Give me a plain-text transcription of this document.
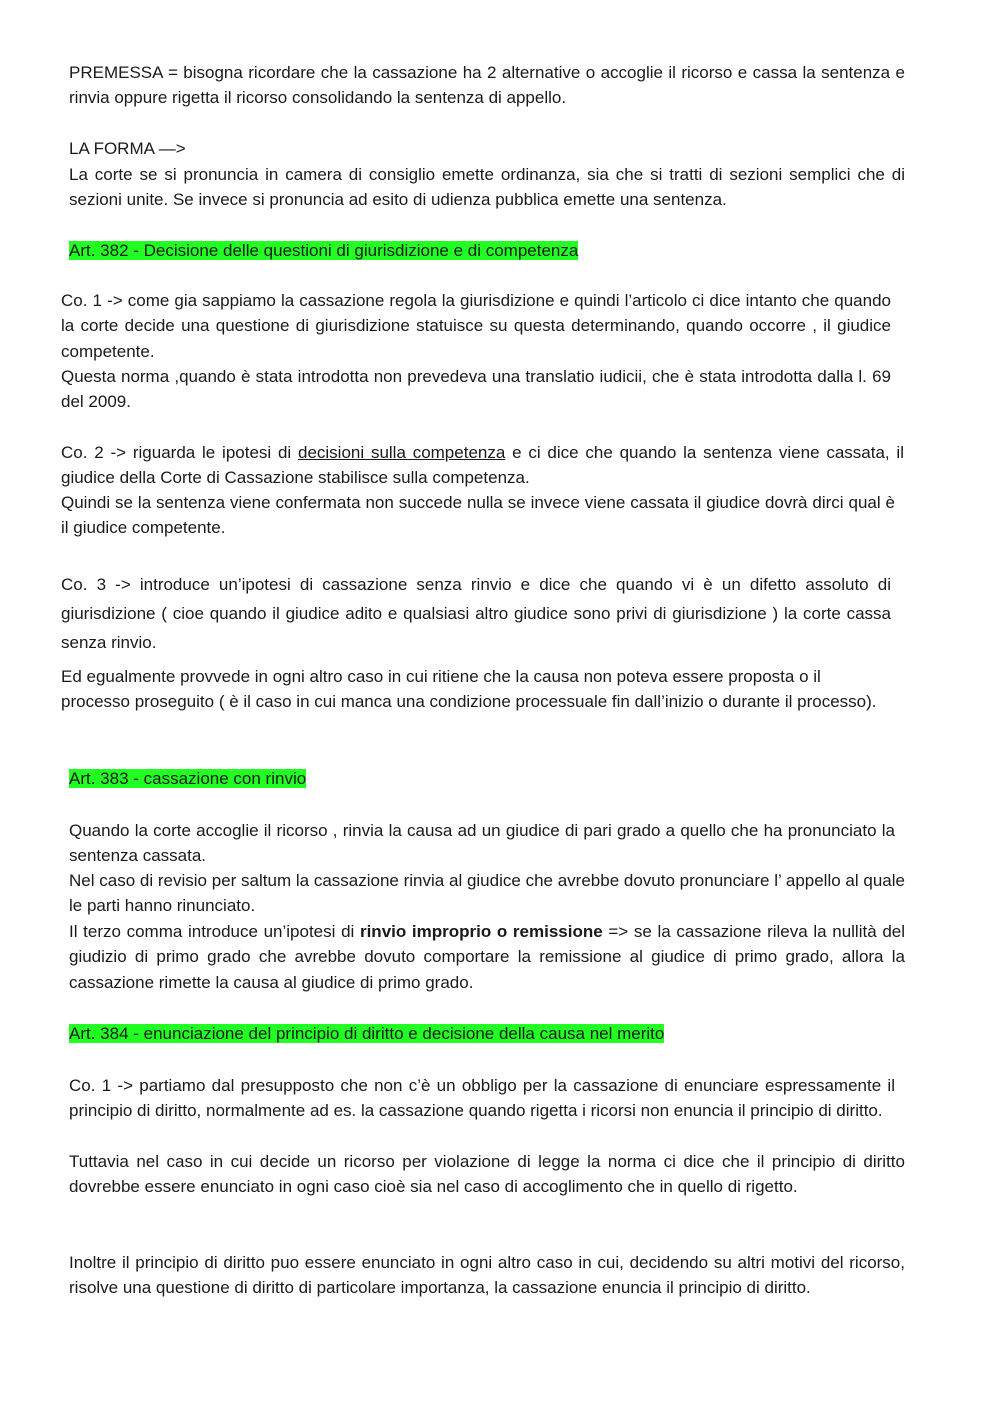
PREMESSA = bisogna ricordare che la cassazione ha 2 alternative o accoglie il ricorso e cassa la sentenza e rinvia oppure rigetta il ricorso consolidando la sentenza di appello.

LA FORMA —>

La corte se si pronuncia in camera di consiglio emette ordinanza, sia che si tratti di sezioni semplici che di sezioni unite. Se invece si pronuncia ad esito di udienza pubblica emette una sentenza.

Art. 382 - Decisione delle questioni di giurisdizione e di competenza

Co. 1 -> come gia sappiamo la cassazione regola la giurisdizione e quindi l’articolo ci dice intanto che quando la corte decide una questione di giurisdizione statuisce su questa determinando, quando occorre , il giudice competente.

Questa norma ,quando è stata introdotta non prevedeva una translatio iudicii, che è stata introdotta dalla l. 69 del 2009.

Co. 2 -> riguarda le ipotesi di decisioni sulla competenza e ci dice che quando la sentenza viene cassata, il giudice della Corte di Cassazione stabilisce sulla competenza.

Quindi se la sentenza viene confermata non succede nulla se invece viene cassata il giudice dovrà dirci qual è il giudice competente.

Co. 3 -> introduce un’ipotesi di cassazione senza rinvio e dice che quando vi è un difetto assoluto di giurisdizione ( cioe quando il giudice adito e qualsiasi altro giudice sono privi di giurisdizione ) la corte cassa senza rinvio.

Ed egualmente provvede in ogni altro caso in cui ritiene che la causa non poteva essere proposta o il processo proseguito ( è il caso in cui manca una condizione processuale fin dall’inizio o durante il processo).

Art. 383 - cassazione con rinvio

Quando la corte accoglie il ricorso , rinvia la causa ad un giudice di pari grado a quello che ha pronunciato la sentenza cassata.

Nel caso di revisio per saltum la cassazione rinvia al giudice che avrebbe dovuto pronunciare l’ appello al quale le parti hanno rinunciato.

Il terzo comma introduce un’ipotesi di rinvio improprio o remissione => se la cassazione rileva la nullità del giudizio di primo grado che avrebbe dovuto comportare la remissione al giudice di primo grado, allora la cassazione rimette la causa al giudice di primo grado.

Art. 384 - enunciazione del principio di diritto e decisione della causa nel merito

Co. 1 -> partiamo dal presupposto che non c’è un obbligo per la cassazione di enunciare espressamente il principio di diritto, normalmente ad es. la cassazione quando rigetta i ricorsi non enuncia il principio di diritto.

Tuttavia nel caso in cui decide un ricorso per violazione di legge la norma ci dice che il principio di diritto dovrebbe essere enunciato in ogni caso cioè sia nel caso di accoglimento che in quello di rigetto.

Inoltre il principio di diritto puo essere enunciato in ogni altro caso in cui, decidendo su altri motivi del ricorso, risolve una questione di diritto di particolare importanza, la cassazione enuncia il principio di diritto.
